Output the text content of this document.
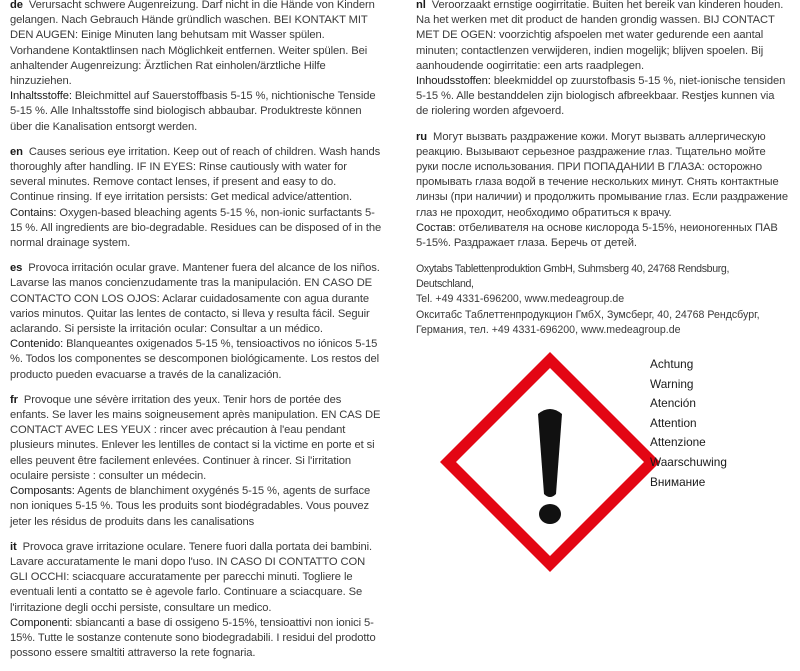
de Verursacht schwere Augenreizung. Darf nicht in die Hände von Kindern gelangen. Nach Gebrauch Hände gründlich waschen. BEI KONTAKT MIT DEN AUGEN: Einige Minuten lang behutsam mit Wasser spülen. Vorhandene Kontaktlinsen nach Möglichkeit entfernen. Weiter spülen. Bei anhaltender Augenreizung: Ärztlichen Rat einholen/ärztliche Hilfe hinzuziehen.
Inhaltsstoffe: Bleichmittel auf Sauerstoffbasis 5-15 %, nichtionische Tenside 5-15 %. Alle Inhaltsstoffe sind biologisch abbaubar. Produktreste können über die Kanalisation entsorgt werden.
en Causes serious eye irritation. Keep out of reach of children. Wash hands thoroughly after handling. IF IN EYES: Rinse cautiously with water for several minutes. Remove contact lenses, if present and easy to do. Continue rinsing. If eye irritation persists: Get medical advice/attention.
Contains: Oxygen-based bleaching agents 5-15 %, non-ionic surfactants 5-15 %. All ingredients are bio-degradable. Residues can be disposed of in the normal drainage system.
es Provoca irritación ocular grave. Mantener fuera del alcance de los niños. Lavarse las manos concienzudamente tras la manipulación. EN CASO DE CONTACTO CON LOS OJOS: Aclarar cuidadosamente con agua durante varios minutos. Quitar las lentes de contacto, si lleva y resulta fácil. Seguir aclarando. Si persiste la irritación ocular: Consultar a un médico.
Contenido: Blanqueantes oxigenados 5-15 %, tensioactivos no iónicos 5-15 %. Todos los componentes se descomponen biológicamente. Los restos del producto pueden evacuarse a través de la canalización.
fr Provoque une sévère irritation des yeux. Tenir hors de portée des enfants. Se laver les mains soigneusement après manipulation. EN CAS DE CONTACT AVEC LES YEUX : rincer avec précaution à l'eau pendant plusieurs minutes. Enlever les lentilles de contact si la victime en porte et si elles peuvent être facilement enlevées. Continuer à rincer. Si l'irritation oculaire persiste : consulter un médecin.
Composants: Agents de blanchiment oxygénés 5-15 %, agents de surface non ioniques 5-15 %. Tous les produits sont biodégradables. Vous pouvez jeter les résidus de produits dans les canalisations
it Provoca grave irritazione oculare. Tenere fuori dalla portata dei bambini. Lavare accuratamente le mani dopo l'uso. IN CASO DI CONTATTO CON GLI OCCHI: sciacquare accuratamente per parecchi minuti. Togliere le eventuali lenti a contatto se è agevole farlo. Continuare a sciacquare. Se l'irritazione degli occhi persiste, consultare un medico.
Componenti: sbiancanti a base di ossigeno 5-15%, tensioattivi non ionici 5-15%. Tutte le sostanze contenute sono biodegradabili. I residui del prodotto possono essere smaltiti attraverso la rete fognaria.
nl Veroorzaakt ernstige oogirritatie. Buiten het bereik van kinderen houden. Na het werken met dit product de handen grondig wassen. BIJ CONTACT MET DE OGEN: voorzichtig afspoelen met water gedurende een aantal minuten; contactlenzen verwijderen, indien mogelijk; blijven spoelen. Bij aanhoudende oogirritatie: een arts raadplegen.
Inhoudsstoffen: bleekmiddel op zuurstofbasis 5-15 %, niet-ionische tensiden 5-15 %. Alle bestanddelen zijn biologisch afbreekbaar. Restjes kunnen via de riolering worden afgevoerd.
ru Могут вызвать раздражение кожи. Могут вызвать аллергическую реакцию. Вызывают серьезное раздражение глаз. Тщательно мойте руки после использования. ПРИ ПОПАДАНИИ В ГЛАЗА: осторожно промывать глаза водой в течение нескольких минут. Снять контактные линзы (при наличии) и продолжить промывание глаз. Если раздражение глаз не проходит, необходимо обратиться к врачу.
Состав: отбеливателя на основе кислорода 5-15%, неионогенных ПАВ 5-15%. Раздражает глаза. Беречь от детей.
Oxytabs Tablettenproduktion GmbH, Suhmsberg 40, 24768 Rendsburg, Deutschland,
Tel. +49 4331-696200, www.medeagroup.de
Окситабс Таблеттенпродукцион ГмбХ, Зумсберг, 40, 24768 Рендсбург,
Германия, тел. +49 4331-696200, www.medeagroup.de
Achtung
Warning
Atención
Attention
Attenzione
Waarschuwing
Внимание
